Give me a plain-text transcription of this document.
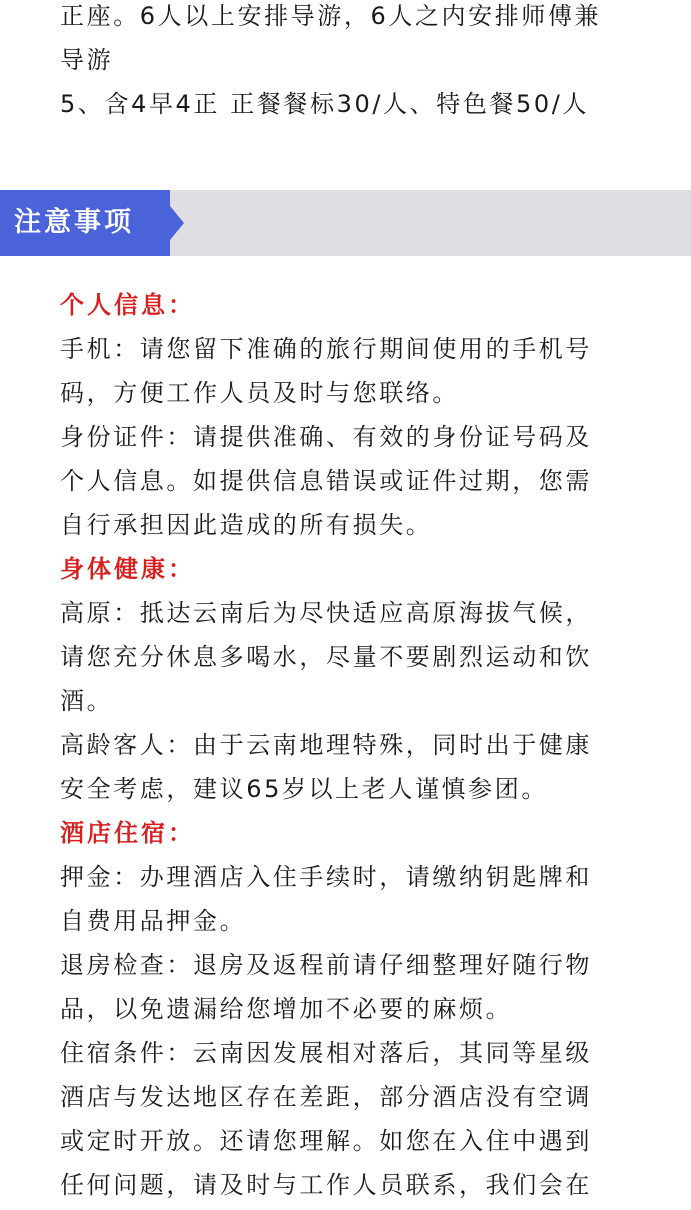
正座。6人以上安排导游，6人之内安排师傅兼
导游
5、含4早4正 正餐餐标30/人、特色餐50/人
注意事项
个人信息：
手机：请您留下准确的旅行期间使用的手机号
码，方便工作人员及时与您联络。
身份证件：请提供准确、有效的身份证号码及
个人信息。如提供信息错误或证件过期，您需
自行承担因此造成的所有损失。
身体健康：
高原：抵达云南后为尽快适应高原海拔气候，
请您充分休息多喝水，尽量不要剧烈运动和饮
酒。
高龄客人：由于云南地理特殊，同时出于健康
安全考虑，建议65岁以上老人谨慎参团。
酒店住宿：
押金：办理酒店入住手续时，请缴纳钥匙牌和
自费用品押金。
退房检查：退房及返程前请仔细整理好随行物
品，以免遗漏给您增加不必要的麻烦。
住宿条件：云南因发展相对落后，其同等星级
酒店与发达地区存在差距，部分酒店没有空调
或定时开放。还请您理解。如您在入住中遇到
任何问题，请及时与工作人员联系，我们会在
